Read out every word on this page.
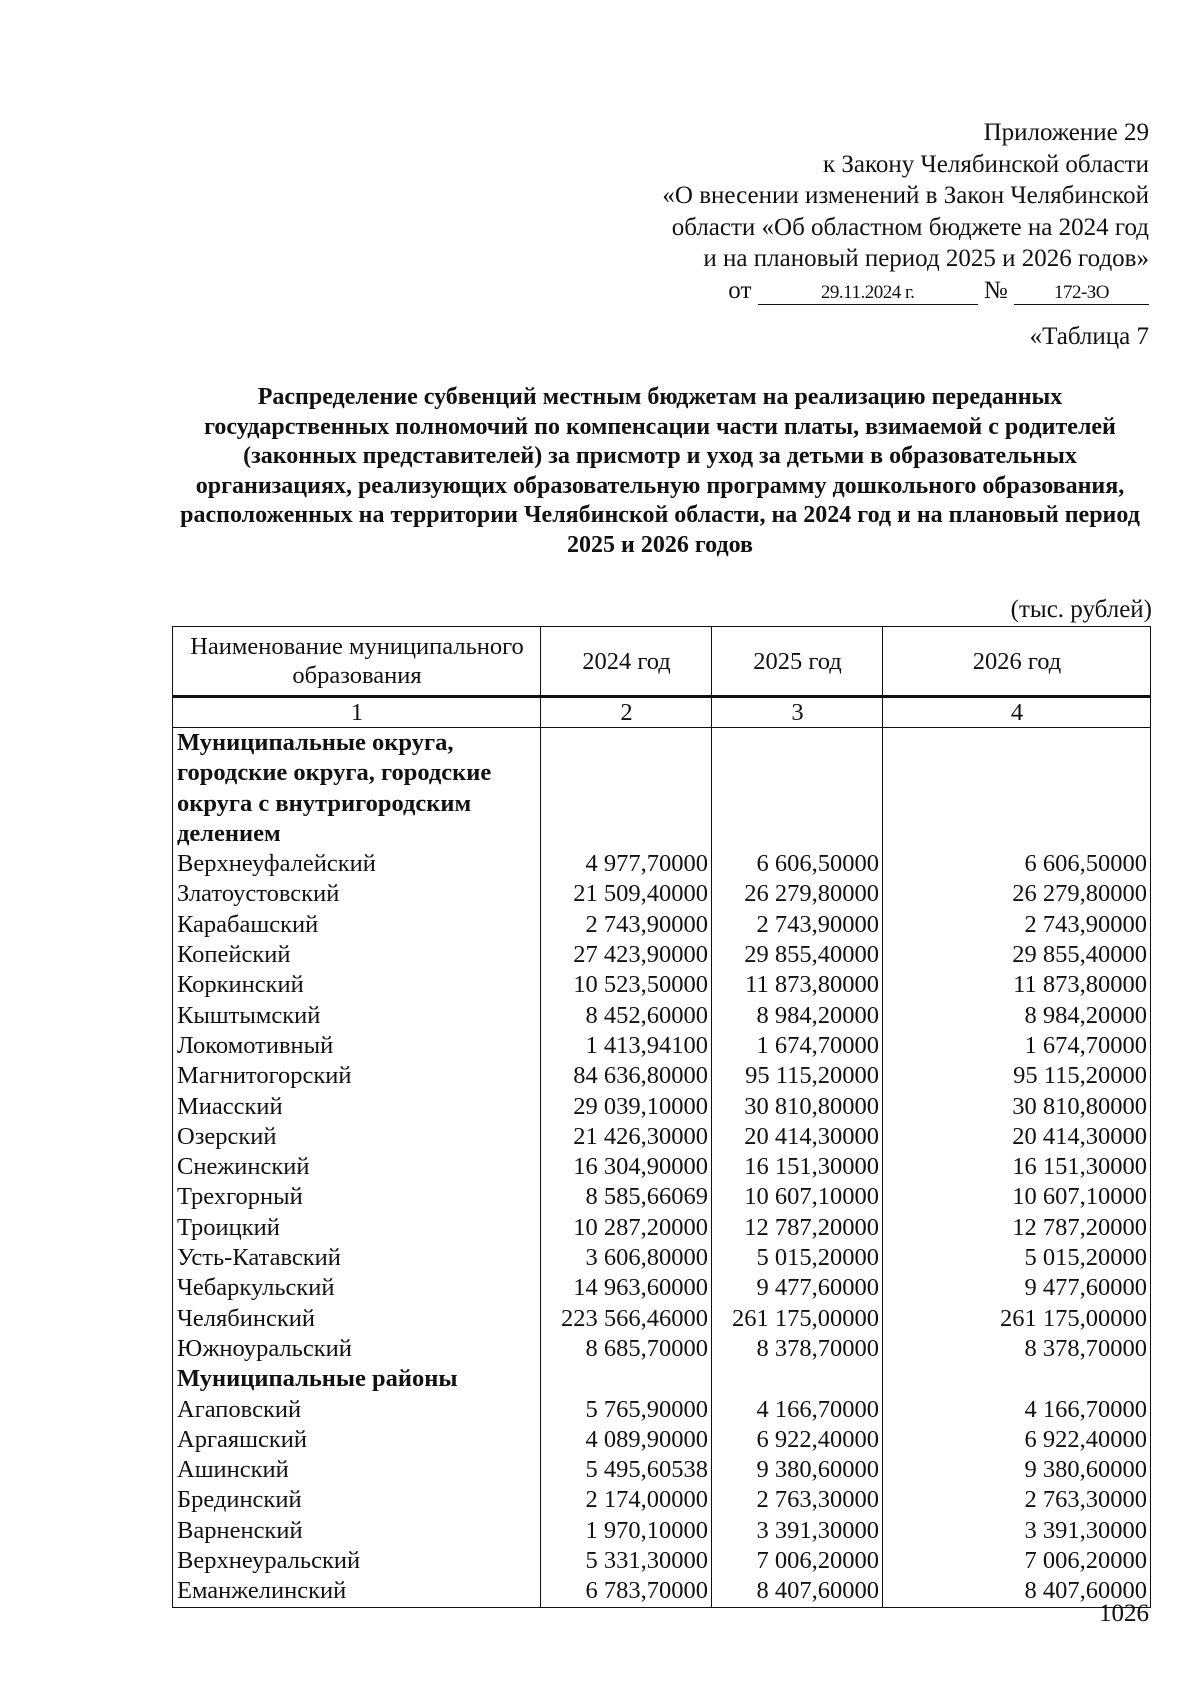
Приложение 29
к Закону Челябинской области
«О внесении изменений в Закон Челябинской
области «Об областном бюджете на 2024 год
и на плановый период 2025 и 2026 годов»
от	29.11.2024 г.	№ 172-ЗО
«Таблица 7
Распределение субвенций местным бюджетам на реализацию переданных государственных полномочий по компенсации части платы, взимаемой с родителей (законных представителей) за присмотр и уход за детьми в образовательных организациях, реализующих образовательную программу дошкольного образования, расположенных на территории Челябинской области, на 2024 год и на плановый период 2025 и 2026 годов
(тыс. рублей)
Наименование муниципального образования	2024 год	2025 год	2026 год
1	2	3	4
Муниципальные округа, городские округа, городские округа с внутригородским делением			
Верхнеуфалейский	4 977,70000	6 606,50000	6 606,50000
Златоустовский	21 509,40000	26 279,80000	26 279,80000
Карабашский	2 743,90000	2 743,90000	2 743,90000
Копейский	27 423,90000	29 855,40000	29 855,40000
Коркинский	10 523,50000	11 873,80000	11 873,80000
Кыштымский	8 452,60000	8 984,20000	8 984,20000
Локомотивный	1 413,94100	1 674,70000	1 674,70000
Магнитогорский	84 636,80000	95 115,20000	95 115,20000
Миасский	29 039,10000	30 810,80000	30 810,80000
Озерский	21 426,30000	20 414,30000	20 414,30000
Снежинский	16 304,90000	16 151,30000	16 151,30000
Трехгорный	8 585,66069	10 607,10000	10 607,10000
Троицкий	10 287,20000	12 787,20000	12 787,20000
Усть-Катавский	3 606,80000	5 015,20000	5 015,20000
Чебаркульский	14 963,60000	9 477,60000	9 477,60000
Челябинский	223 566,46000	261 175,00000	261 175,00000
Южноуральский	8 685,70000	8 378,70000	8 378,70000
Муниципальные районы			
Агаповский	5 765,90000	4 166,70000	4 166,70000
Аргаяшский	4 089,90000	6 922,40000	6 922,40000
Ашинский	5 495,60538	9 380,60000	9 380,60000
Брединский	2 174,00000	2 763,30000	2 763,30000
Варненский	1 970,10000	3 391,30000	3 391,30000
Верхнеуральский	5 331,30000	7 006,20000	7 006,20000
Еманжелинский	6 783,70000	8 407,60000	8 407,60000
1026
